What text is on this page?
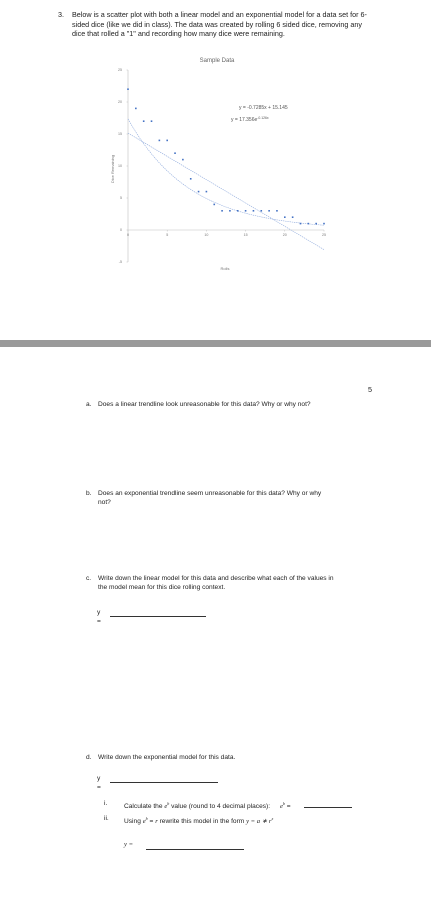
3. Below is a scatter plot with both a linear model and an exponential model for a data set for 6-sided dice (like we did in class). The data was created by rolling 6 sided dice, removing any dice that rolled a "1" and recording how many dice were remaining.
Sample Data
-5
0
5
10
15
20
25
0	5	10	15	20	25
Dice Remaining
Rolls
y = -0.7285x + 15.145
$y = 17.356e^{-0.126x}$
5
a. Does a linear trendline look unreasonable for this data? Why or why not?
b. Does an exponential trendline seem unreasonable for this data? Why or why
not?
c. Write down the linear model for this data and describe what each of the values in
the model mean for this dice rolling context.
y =
d. Write down the exponential model for this data.
y =
i.	Calculate the $e^b$ value (round to 4 decimal places): $e^b$ =
ii. Using $e^b = r$ rewrite this model in the form y = a ∗ $r^x$
y =
